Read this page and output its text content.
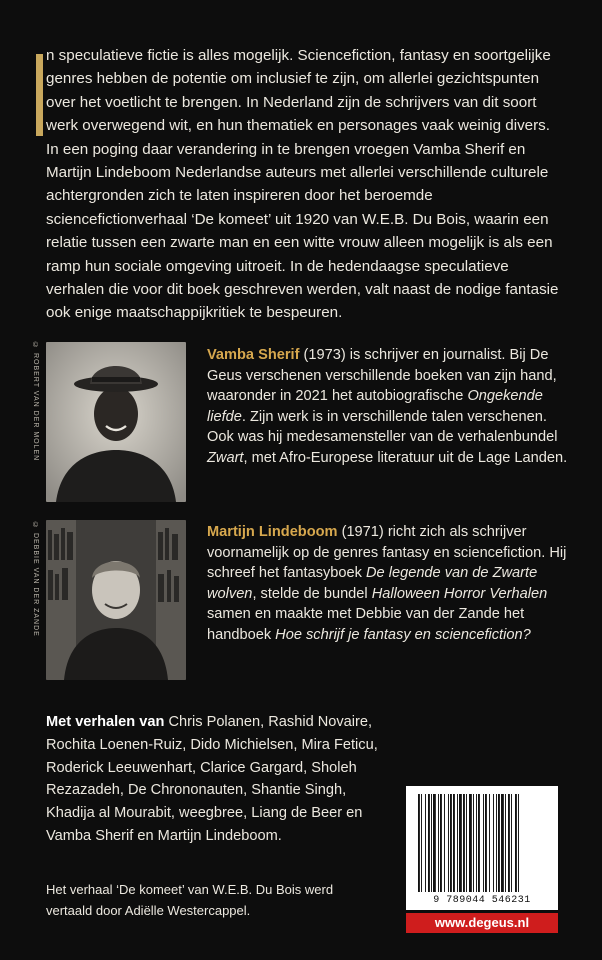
n speculatieve fictie is alles mogelijk. Sciencefiction, fantasy en soortgelijke genres hebben de potentie om inclusief te zijn, om allerlei gezichtspunten over het voetlicht te brengen. In Nederland zijn de schrijvers van dit soort werk overwegend wit, en hun thematiek en personages vaak weinig divers.

In een poging daar verandering in te brengen vroegen Vamba Sherif en Martijn Lindeboom Nederlandse auteurs met allerlei verschillende culturele achtergronden zich te laten inspireren door het beroemde sciencefictionverhaal ‘De komeet’ uit 1920 van W.E.B. Du Bois, waarin een relatie tussen een zwarte man en een witte vrouw alleen mogelijk is als een ramp hun sociale omgeving uitroeit. In de hedendaagse speculatieve verhalen die voor dit boek geschreven werden, valt naast de nodige fantasie ook enige maatschappijkritiek te bespeuren.

© ROBERT VAN DER MOLEN	Vamba Sherif (1973) is schrijver en journalist. Bij De Geus verschenen verschillende boeken van zijn hand, waaronder in 2021 het autobiografische Ongekende liefde. Zijn werk is in verschillende talen verschenen. Ook was hij medesamensteller van de verhalenbundel Zwart, met Afro-Europese literatuur uit de Lage Landen.
© DEBBIE VAN DER ZANDE	Martijn Lindeboom (1971) richt zich als schrijver voornamelijk op de genres fantasy en sciencefiction. Hij schreef het fantasyboek De legende van de Zwarte wolven, stelde de bundel Halloween Horror Verhalen samen en maakte met Debbie van der Zande het handboek Hoe schrijf je fantasy en sciencefiction?
Met verhalen van Chris Polanen, Rashid Novaire, Rochita Loenen-Ruiz, Dido Michielsen, Mira Feticu, Roderick Leeuwenhart, Clarice Gargard, Sholeh Rezazadeh, De Chrononauten, Shantie Singh, Khadija al Mourabit, weegbree, Liang de Beer en Vamba Sherif en Martijn Lindeboom.
Het verhaal ‘De komeet’ van W.E.B. Du Bois werd vertaald door Adiëlle Westercappel.
9 789044 546231
www.degeus.nl
